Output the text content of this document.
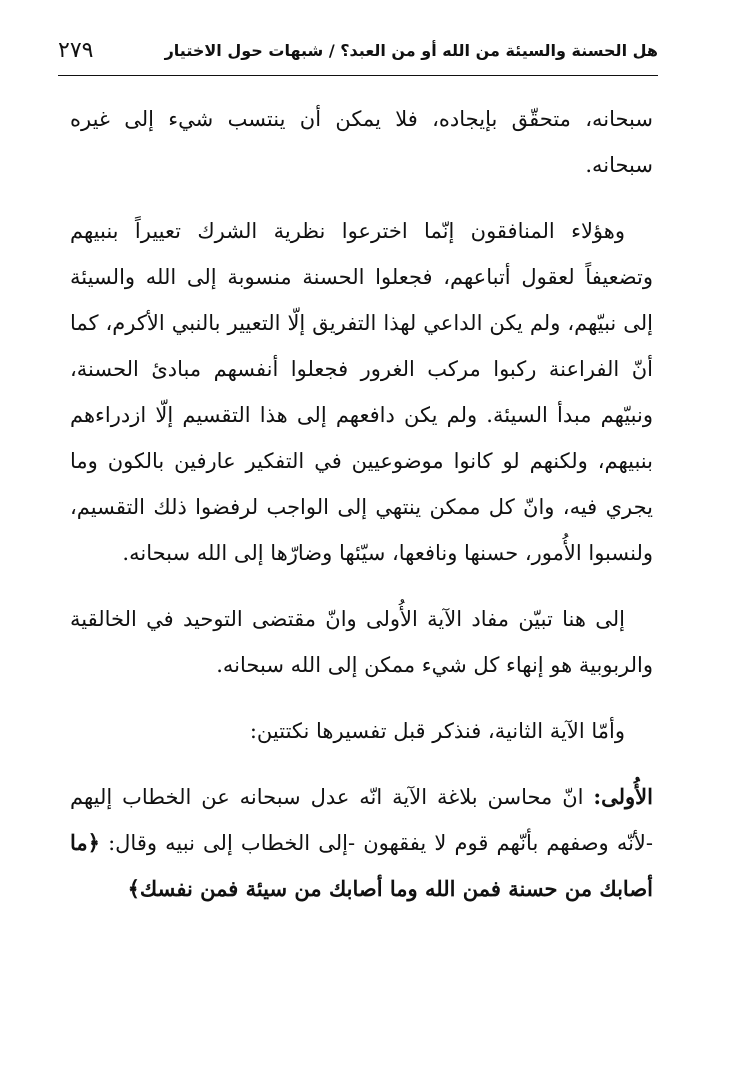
هل الحسنة والسيئة من الله أو من العبد؟ / شبهات حول الاختيار
٢٧٩

سبحانه، متحقّق بإيجاده، فلا يمكن أن ينتسب شيء إلى غيره سبحانه.

وهؤلاء المنافقون إنّما اخترعوا نظرية الشرك تعييراً بنبيهم وتضعيفاً لعقول أتباعهم، فجعلوا الحسنة منسوبة إلى الله والسيئة إلى نبيّهم، ولم يكن الداعي لهذا التفريق إلّا التعيير بالنبي الأكرم، كما أنّ الفراعنة ركبوا مركب الغرور فجعلوا أنفسهم مبادئ الحسنة، ونبيّهم مبدأ السيئة. ولم يكن دافعهم إلى هذا التقسيم إلّا ازدراءهم بنبيهم، ولكنهم لو كانوا موضوعيين في التفكير عارفين بالكون وما يجري فيه، وانّ كل ممكن ينتهي إلى الواجب لرفضوا ذلك التقسيم، ولنسبوا الأُمور، حسنها ونافعها، سيّئها وضارّها إلى الله سبحانه.

إلى هنا تبيّن مفاد الآية الأُولى وانّ مقتضى التوحيد في الخالقية والربوبية هو إنهاء كل شيء ممكن إلى الله سبحانه.

وأمّا الآية الثانية، فنذكر قبل تفسيرها نكتتين:

الأُولى: انّ محاسن بلاغة الآية انّه عدل سبحانه عن الخطاب إليهم -لأنّه وصفهم بأنّهم قوم لا يفقهون -إلى الخطاب إلى نبيه وقال: ﴿ما أصابك من حسنة فمن الله وما أصابك من سيئة فمن نفسك﴾
